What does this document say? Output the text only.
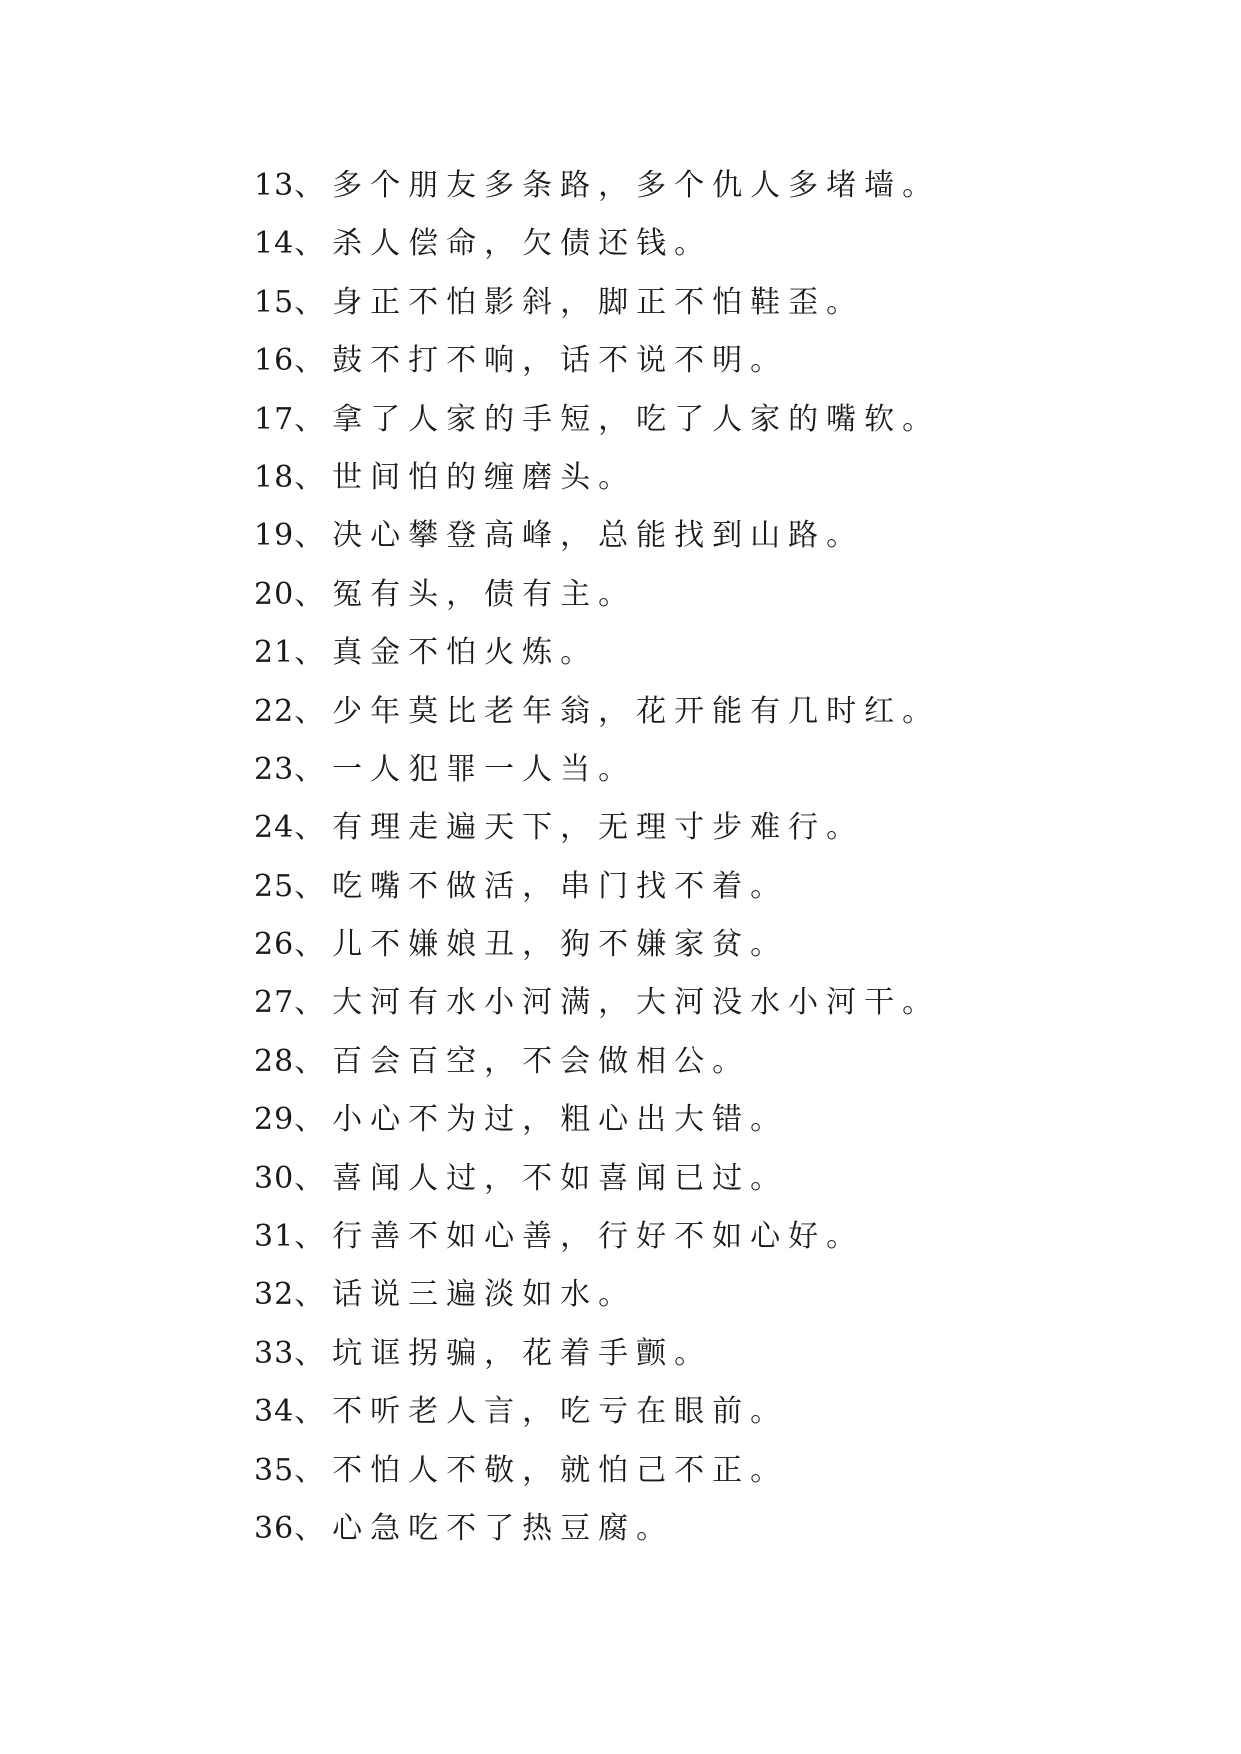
13、多个朋友多条路，多个仇人多堵墙。
14、杀人偿命，欠债还钱。
15、身正不怕影斜，脚正不怕鞋歪。
16、鼓不打不响，话不说不明。
17、拿了人家的手短，吃了人家的嘴软。
18、世间怕的缠磨头。
19、决心攀登高峰，总能找到山路。
20、冤有头，债有主。
21、真金不怕火炼。
22、少年莫比老年翁，花开能有几时红。
23、一人犯罪一人当。
24、有理走遍天下，无理寸步难行。
25、吃嘴不做活，串门找不着。
26、儿不嫌娘丑，狗不嫌家贫。
27、大河有水小河满，大河没水小河干。
28、百会百空，不会做相公。
29、小心不为过，粗心出大错。
30、喜闻人过，不如喜闻已过。
31、行善不如心善，行好不如心好。
32、话说三遍淡如水。
33、坑诓拐骗，花着手颤。
34、不听老人言，吃亏在眼前。
35、不怕人不敬，就怕己不正。
36、心急吃不了热豆腐。
